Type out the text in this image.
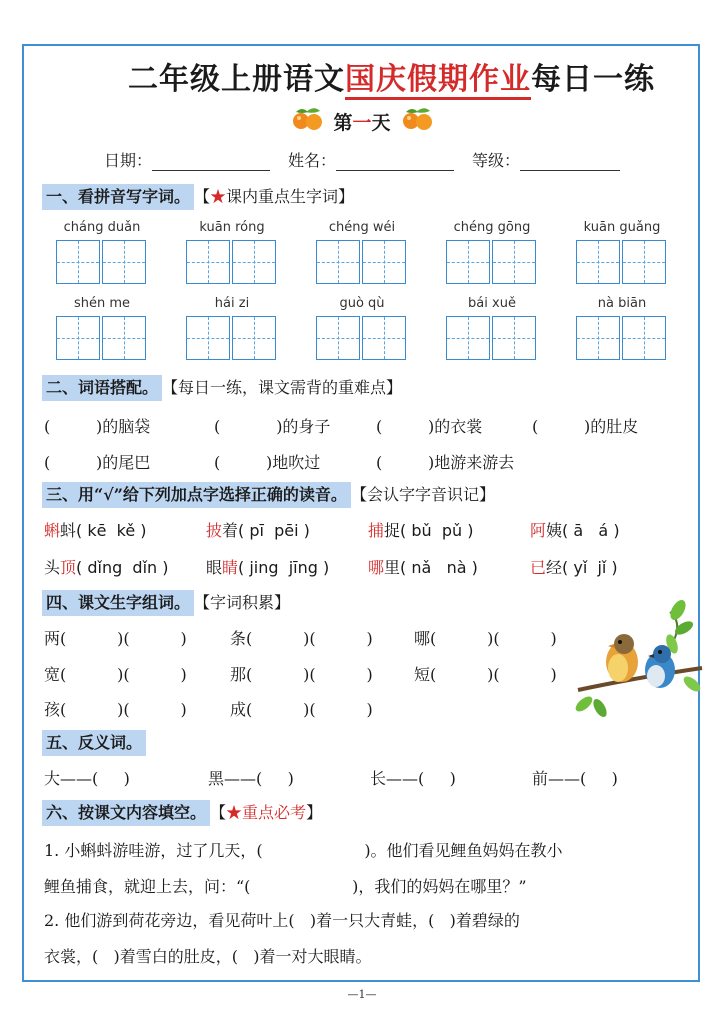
二年级上册语文国庆假期作业每日一练
第一天
日期：	姓名：	等级：
一、看拼音写字词。 【★课内重点生字词】
cháng duǎn	kuān róng	chéng wéi	chéng gōng	kuān guǎng
shén me	hái zi	guò qù	bái xuě	nà biān
二、词语搭配。 【每日一练，课文需背的重难点】
(         )的脑袋	(           )的身子	(         )的衣裳	(         )的肚皮
(         )的尾巴	(         )地吹过	(         )地游来游去
三、用“√”给下列加点字选择正确的读音。 【会认字字音识记】
蝌蚪( kē  kě )	披着( pī  pēi )	捕捉( bǔ  pǔ )	阿姨( ā   á )
头顶( dǐng  dǐn ) 眼睛( jing  jīng ) 哪里( nǎ   nà )	已经( yǐ  jǐ )
四、课文生字组词。 【字词积累】
两(          )(          )	条(          )(          )	哪(          )(          )
宽(          )(          )	那(          )(          )	短(          )(          )
孩(          )(          )	成(          )(          )
五、反义词。
大——(     )	黑——(     )	长——(     )	前——(     )
六、按课文内容填空。 【★重点必考】
1. 小蝌蚪游哇游，过了几天，(                    )。他们看见鲤鱼妈妈在教小
鲤鱼捕食，就迎上去，问：“(                    )，我们的妈妈在哪里？”
2. 他们游到荷花旁边，看见荷叶上(   )着一只大青蛙，(   )着碧绿的
衣裳，(   )着雪白的肚皮，(   )着一对大眼睛。
—1—
